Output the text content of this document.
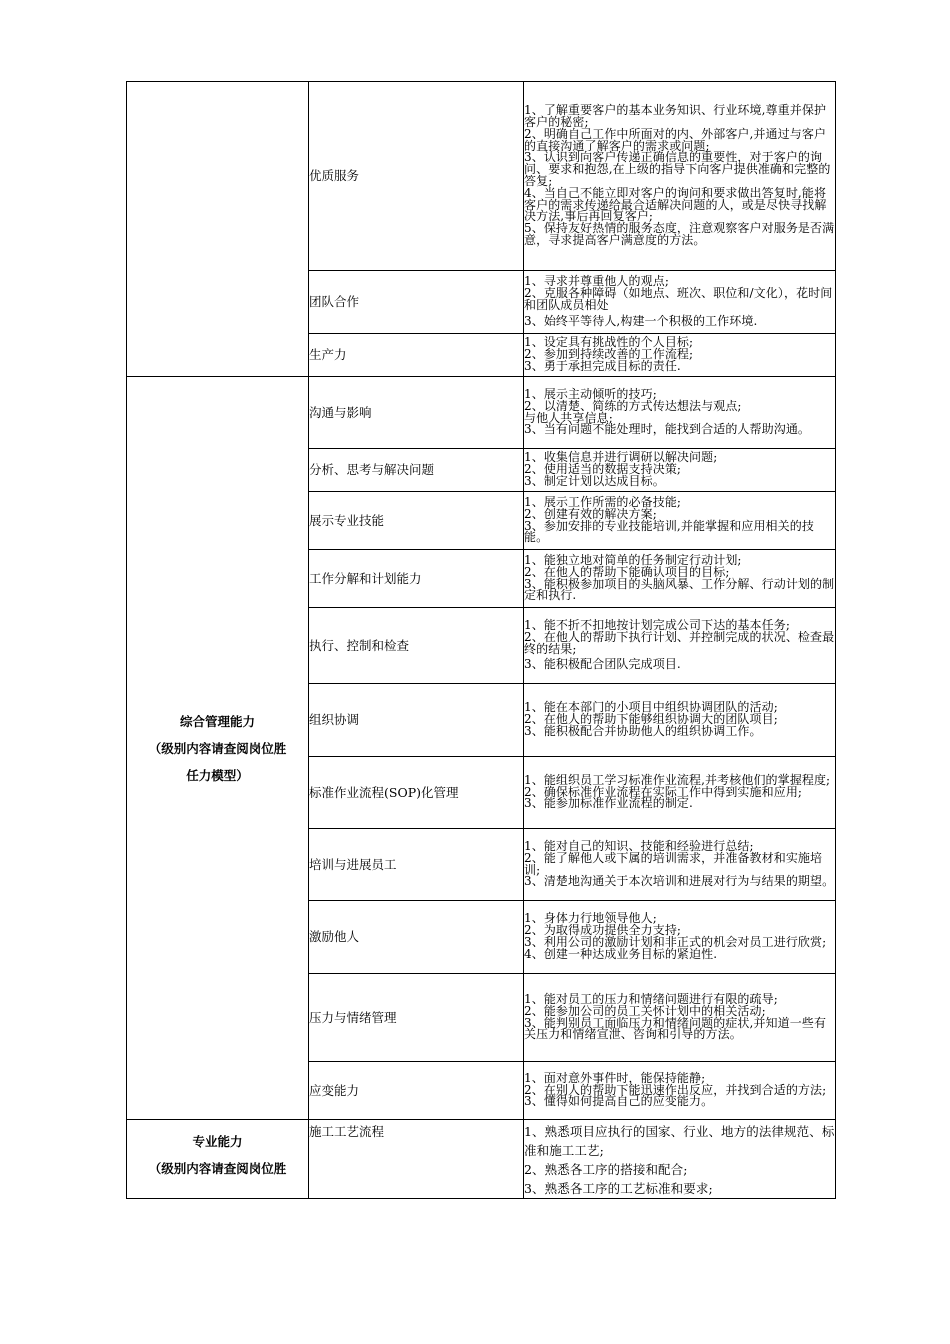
	优质服务	1、了解重要客户的基本业务知识、行业环境,尊重并保护客户的秘密;
2、明确自己工作中所面对的内、外部客户,并通过与客户的直接沟通了解客户的需求或问题;
3、认识到向客户传递正确信息的重要性，对于客户的询问、要求和抱怨,在上级的指导下向客户提供准确和完整的答复;
4、当自己不能立即对客户的询问和要求做出答复时,能将客户的需求传递给最合适解决问题的人，或是尽快寻找解决方法,事后再回复客户;
5、保持友好热情的服务态度，注意观察客户对服务是否满意，寻求提高客户满意度的方法。

	团队合作	1、寻求并尊重他人的观点;
2、克服各种障碍（如地点、班次、职位和/文化），花时间和团队成员相处
3、始终平等待人,构建一个积极的工作环境.

	生产力	1、设定具有挑战性的个人目标;
2、参加到持续改善的工作流程;
3、勇于承担完成目标的责任.

综合管理能力
（级别内容请查阅岗位胜
任力模型）	沟通与影响	1、展示主动倾听的技巧;
2、以清楚、简练的方式传达想法与观点;
与他人共享信息;
3、当有问题不能处理时，能找到合适的人帮助沟通。

	分析、思考与解决问题	1、收集信息并进行调研以解决问题;
2、使用适当的数据支持决策;
3、制定计划以达成目标。

	展示专业技能	1、展示工作所需的必备技能;
2、创建有效的解决方案;
3、参加安排的专业技能培训,并能掌握和应用相关的技能。

	工作分解和计划能力	1、能独立地对简单的任务制定行动计划;
2、在他人的帮助下能确认项目的目标;
3、能积极参加项目的头脑风暴、工作分解、行动计划的制定和执行.

	执行、控制和检查	1、能不折不扣地按计划完成公司下达的基本任务;
2、在他人的帮助下执行计划、并控制完成的状况、检查最终的结果;
3、能积极配合团队完成项目.

	组织协调	1、能在本部门的小项目中组织协调团队的活动;
2、在他人的帮助下能够组织协调大的团队项目;
3、能积极配合并协助他人的组织协调工作。

	标准作业流程(SOP)化管理	1、能组织员工学习标准作业流程,并考核他们的掌握程度;
2、确保标准作业流程在实际工作中得到实施和应用;
3、能参加标准作业流程的制定.

	培训与进展员工	1、能对自己的知识、技能和经验进行总结;
2、能了解他人或下属的培训需求，并准备教材和实施培训;
3、清楚地沟通关于本次培训和进展对行为与结果的期望。

	激励他人	1、身体力行地领导他人;
2、为取得成功提供全力支持;
3、利用公司的激励计划和非正式的机会对员工进行欣赏;
4、创建一种达成业务目标的紧迫性.

	压力与情绪管理	1、能对员工的压力和情绪问题进行有限的疏导;
2、能参加公司的员工关怀计划中的相关活动;
3、能判别员工面临压力和情绪问题的症状,并知道一些有关压力和情绪宣泄、咨询和引导的方法。

	应变能力	1、面对意外事件时，能保持能静;
2、在别人的帮助下能迅速作出反应，并找到合适的方法;
3、懂得如何提高自己的应变能力。

专业能力
（级别内容请查阅岗位胜	施工工艺流程	1、熟悉项目应执行的国家、行业、地方的法律规范、标准和施工工艺;
2、熟悉各工序的搭接和配合;
3、熟悉各工序的工艺标准和要求;
